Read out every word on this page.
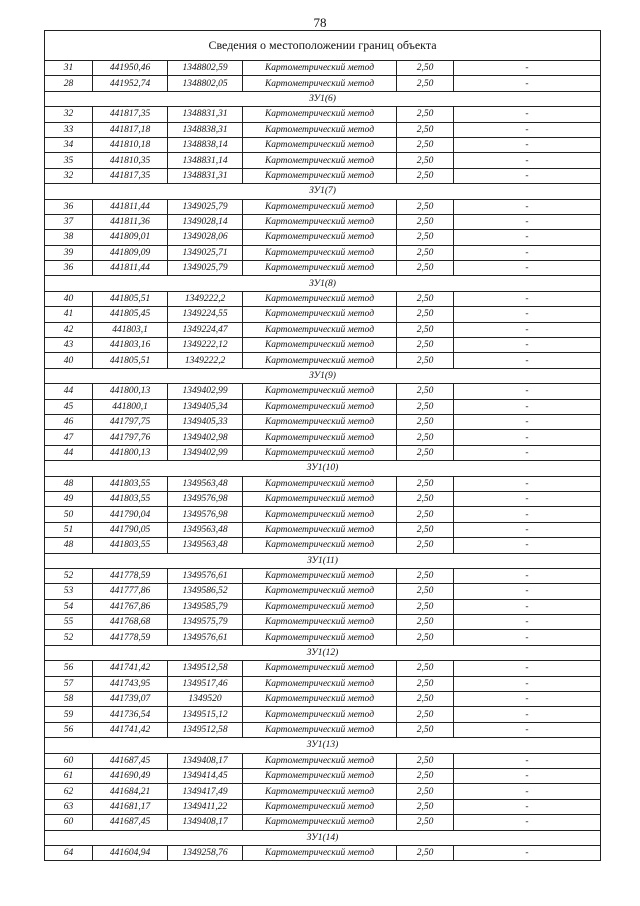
78
Сведения о местоположении границ объекта					
31	441950,46	1348802,59	Картометрический метод	2,50	-
28	441952,74	1348802,05	Картометрический метод	2,50	-
ЗУ1(6)					
32	441817,35	1348831,31	Картометрический метод	2,50	-
33	441817,18	1348838,31	Картометрический метод	2,50	-
34	441810,18	1348838,14	Картометрический метод	2,50	-
35	441810,35	1348831,14	Картометрический метод	2,50	-
32	441817,35	1348831,31	Картометрический метод	2,50	-
ЗУ1(7)					
36	441811,44	1349025,79	Картометрический метод	2,50	-
37	441811,36	1349028,14	Картометрический метод	2,50	-
38	441809,01	1349028,06	Картометрический метод	2,50	-
39	441809,09	1349025,71	Картометрический метод	2,50	-
36	441811,44	1349025,79	Картометрический метод	2,50	-
ЗУ1(8)					
40	441805,51	1349222,2	Картометрический метод	2,50	-
41	441805,45	1349224,55	Картометрический метод	2,50	-
42	441803,1	1349224,47	Картометрический метод	2,50	-
43	441803,16	1349222,12	Картометрический метод	2,50	-
40	441805,51	1349222,2	Картометрический метод	2,50	-
ЗУ1(9)					
44	441800,13	1349402,99	Картометрический метод	2,50	-
45	441800,1	1349405,34	Картометрический метод	2,50	-
46	441797,75	1349405,33	Картометрический метод	2,50	-
47	441797,76	1349402,98	Картометрический метод	2,50	-
44	441800,13	1349402,99	Картометрический метод	2,50	-
ЗУ1(10)					
48	441803,55	1349563,48	Картометрический метод	2,50	-
49	441803,55	1349576,98	Картометрический метод	2,50	-
50	441790,04	1349576,98	Картометрический метод	2,50	-
51	441790,05	1349563,48	Картометрический метод	2,50	-
48	441803,55	1349563,48	Картометрический метод	2,50	-
ЗУ1(11)					
52	441778,59	1349576,61	Картометрический метод	2,50	-
53	441777,86	1349586,52	Картометрический метод	2,50	-
54	441767,86	1349585,79	Картометрический метод	2,50	-
55	441768,68	1349575,79	Картометрический метод	2,50	-
52	441778,59	1349576,61	Картометрический метод	2,50	-
ЗУ1(12)					
56	441741,42	1349512,58	Картометрический метод	2,50	-
57	441743,95	1349517,46	Картометрический метод	2,50	-
58	441739,07	1349520	Картометрический метод	2,50	-
59	441736,54	1349515,12	Картометрический метод	2,50	-
56	441741,42	1349512,58	Картометрический метод	2,50	-
ЗУ1(13)					
60	441687,45	1349408,17	Картометрический метод	2,50	-
61	441690,49	1349414,45	Картометрический метод	2,50	-
62	441684,21	1349417,49	Картометрический метод	2,50	-
63	441681,17	1349411,22	Картометрический метод	2,50	-
60	441687,45	1349408,17	Картометрический метод	2,50	-
ЗУ1(14)					
64	441604,94	1349258,76	Картометрический метод	2,50	-
